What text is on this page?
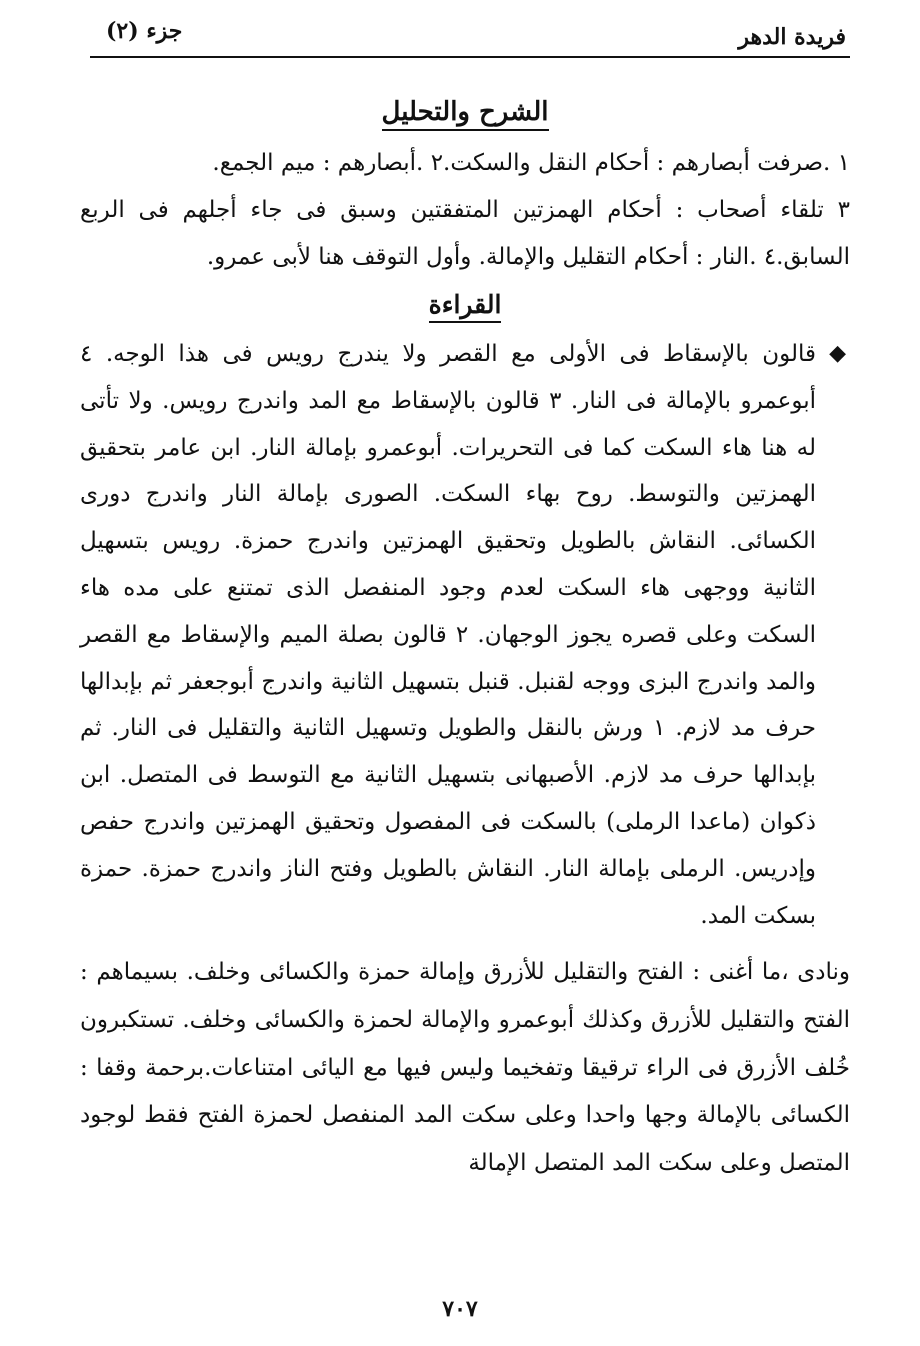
فريدة الدهر
جزء (٢)
الشرح والتحليل

١ .صرفت أبصارهم : أحكام النقل والسكت.٢ .أبصارهم : ميم الجمع.

٣ تلقاء أصحاب : أحكام الهمزتين المتفقتين وسبق فى جاء أجلهم فى الربع السابق.٤ .النار : أحكام التقليل والإمالة. وأول التوقف هنا لأبى عمرو.

القراءة
◆

قالون بالإسقاط فى الأولى مع القصر ولا يندرج رويس فى هذا الوجه. ٤ أبوعمرو بالإمالة فى النار. ٣ قالون بالإسقاط مع المد واندرج رويس. ولا تأتى له هنا هاء السكت كما فى التحريرات. أبوعمرو بإمالة النار. ابن عامر بتحقيق الهمزتين والتوسط. روح بهاء السكت. الصورى بإمالة النار واندرج دورى الكسائى. النقاش بالطويل وتحقيق الهمزتين واندرج حمزة. رويس بتسهيل الثانية ووجهى هاء السكت لعدم وجود المنفصل الذى تمتنع على مده هاء السكت وعلى قصره يجوز الوجهان. ٢ قالون بصلة الميم والإسقاط مع القصر والمد واندرج البزى ووجه لقنبل. قنبل بتسهيل الثانية واندرج أبوجعفر ثم بإبدالها حرف مد لازم. ١ ورش بالنقل والطويل وتسهيل الثانية والتقليل فى النار. ثم بإبدالها حرف مد لازم. الأصبهانى بتسهيل الثانية مع التوسط فى المتصل. ابن ذكوان (ماعدا الرملى) بالسكت فى المفصول وتحقيق الهمزتين واندرج حفص وإدريس. الرملى بإمالة النار. النقاش بالطويل وفتح الناز واندرج حمزة. حمزة بسكت المد.

ونادى ،ما أغنى : الفتح والتقليل للأزرق وإمالة حمزة والكسائى وخلف. بسيماهم : الفتح والتقليل للأزرق وكذلك أبوعمرو والإمالة لحمزة والكسائى وخلف. تستكبرون خُلف الأزرق فى الراء ترقيقا وتفخيما وليس فيها مع اليائى امتناعات.برحمة وقفا : الكسائى بالإمالة وجها واحدا وعلى سكت المد المنفصل لحمزة الفتح فقط لوجود المتصل وعلى سكت المد المتصل الإمالة

٧٠٧
